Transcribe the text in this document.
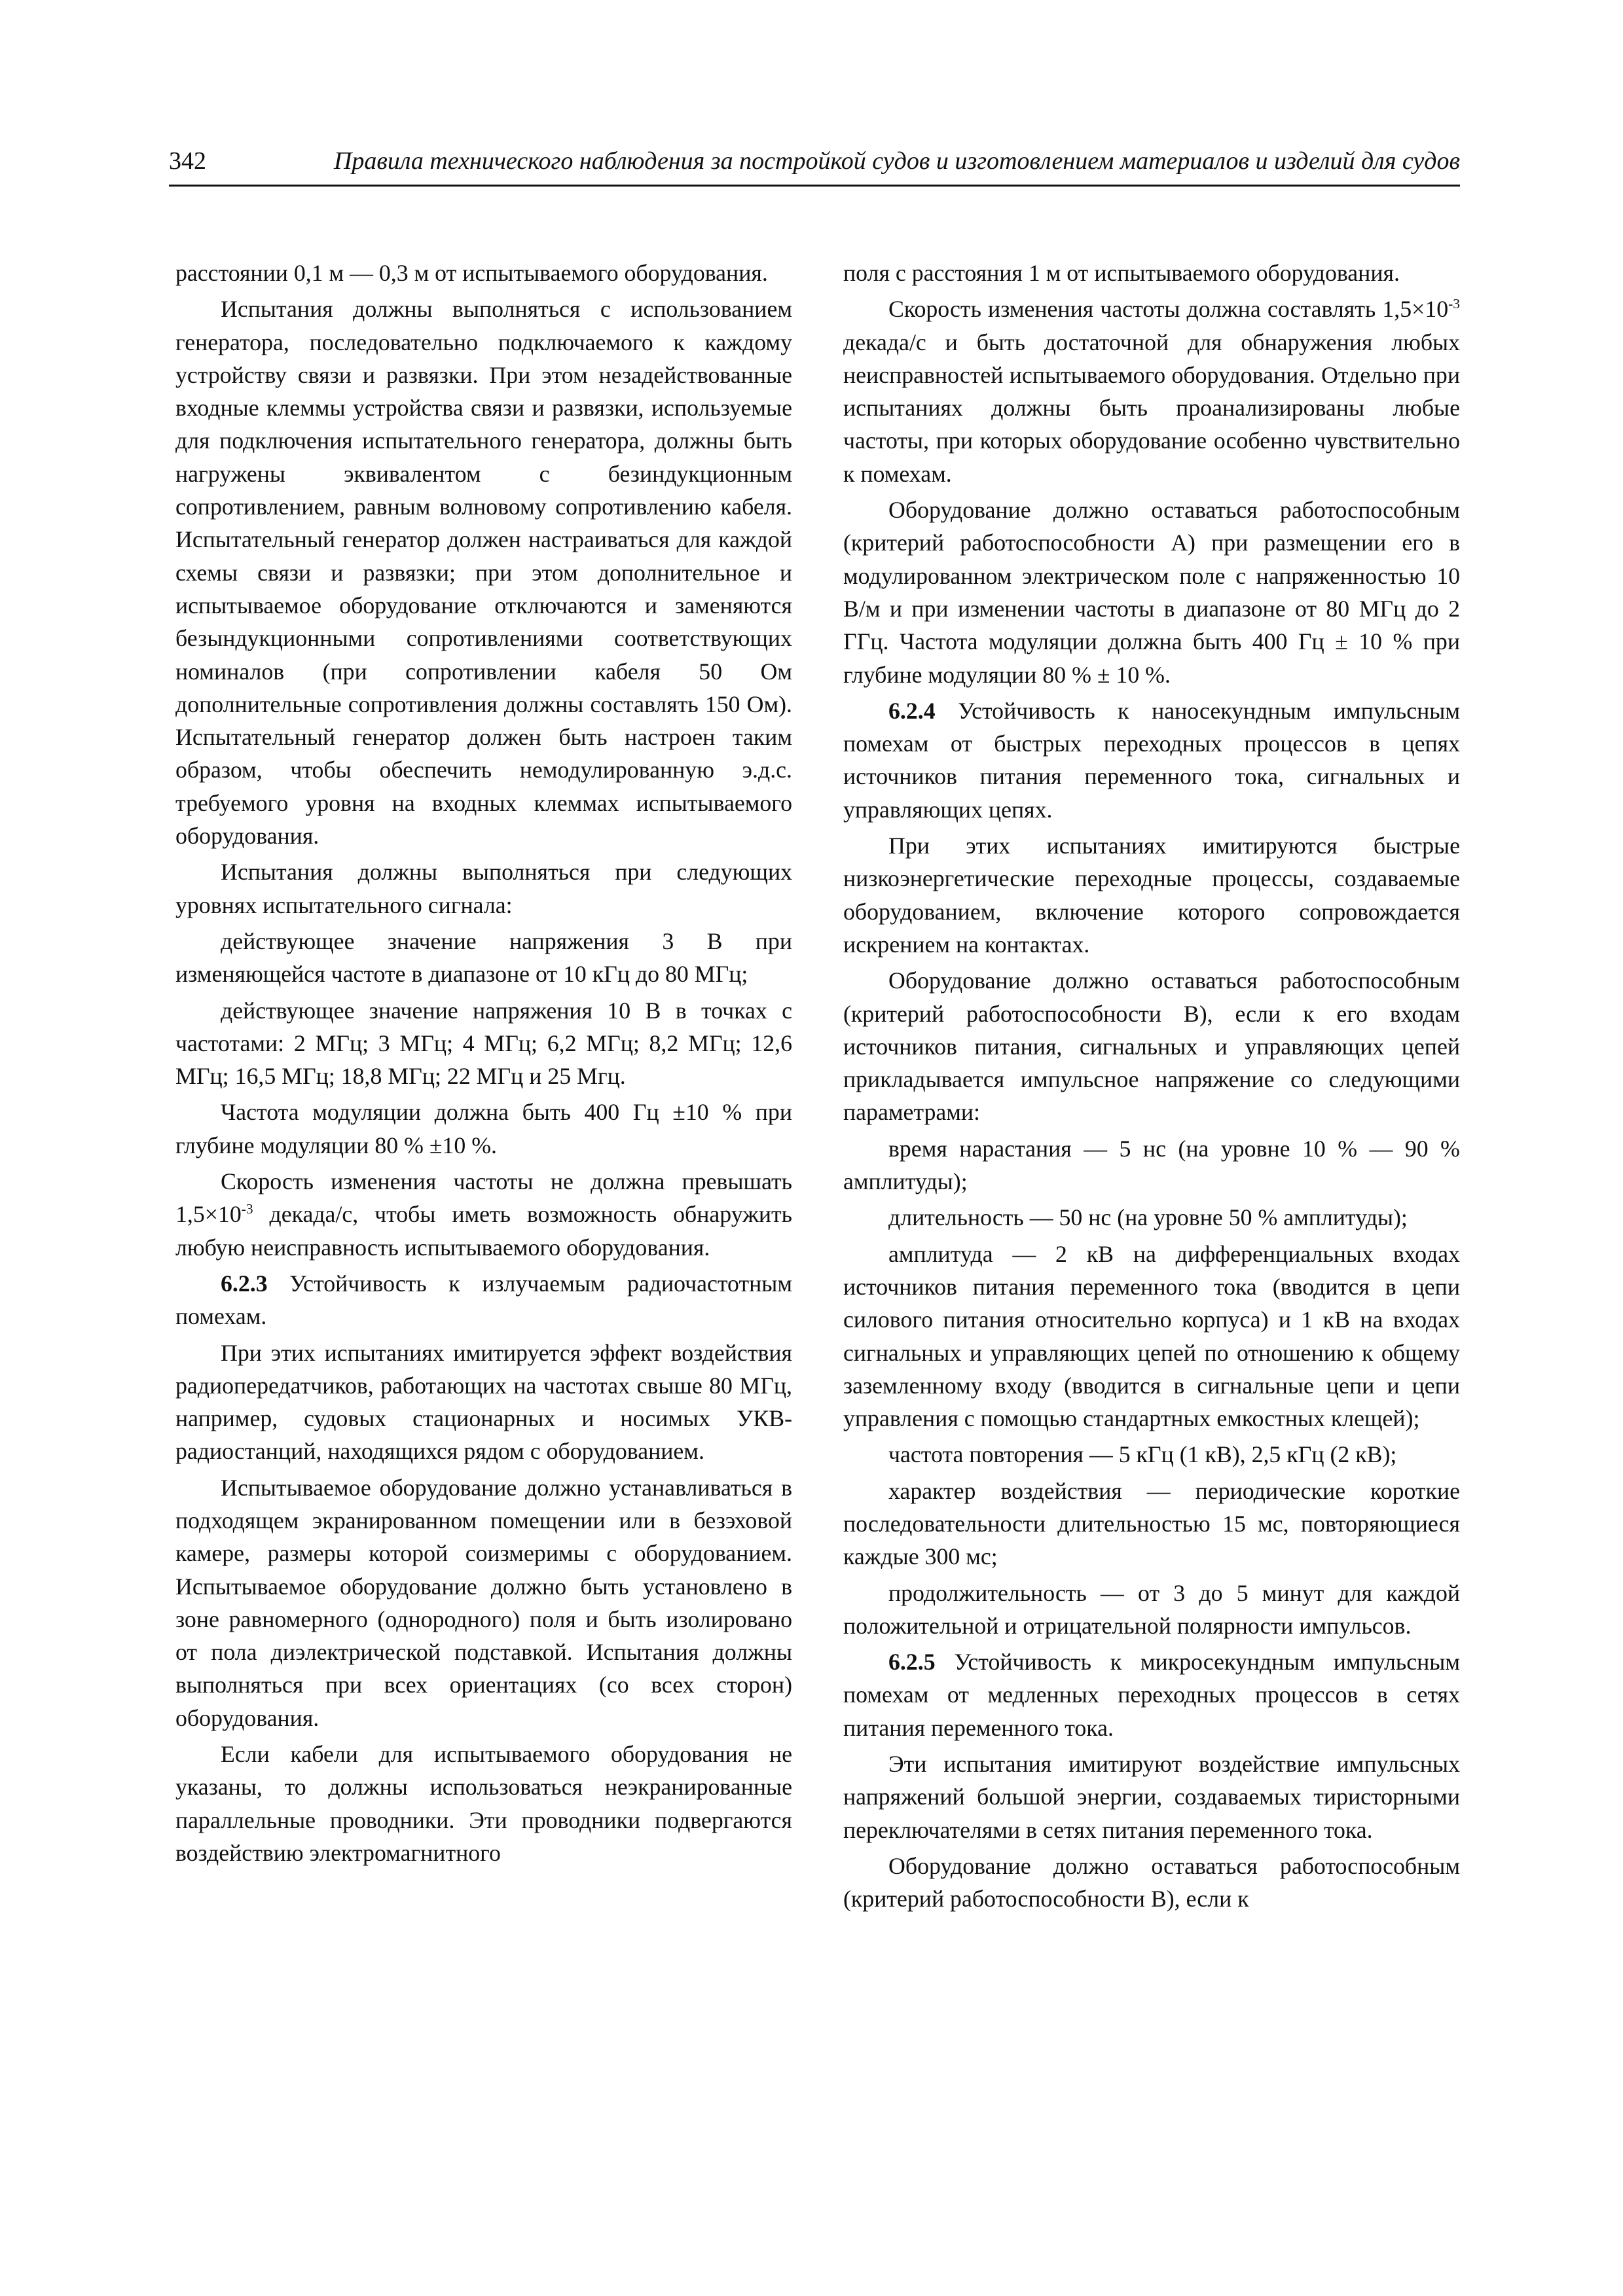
342	Правила технического наблюдения за постройкой судов и изготовлением материалов и изделий для судов

расстоянии 0,1 м — 0,3 м от испытываемого оборудования.

Испытания должны выполняться с использованием генератора, последовательно подключаемого к каждому устройству связи и развязки. При этом незадействованные входные клеммы устройства связи и развязки, используемые для подключения испытательного генератора, должны быть нагружены эквивалентом с безиндукционным сопротивлением, равным волновому сопротивлению кабеля. Испытательный генератор должен настраиваться для каждой схемы связи и развязки; при этом дополнительное и испытываемое оборудование отключаются и заменяются безындукционными сопротивлениями соответствующих номиналов (при сопротивлении кабеля 50 Ом дополнительные сопротивления должны составлять 150 Ом). Испытательный генератор должен быть настроен таким образом, чтобы обеспечить немодулированную э.д.с. требуемого уровня на входных клеммах испытываемого оборудования.

Испытания должны выполняться при следующих уровнях испытательного сигнала:

действующее значение напряжения 3 В при изменяющейся частоте в диапазоне от 10 кГц до 80 МГц;

действующее значение напряжения 10 В в точках с частотами: 2 МГц; 3 МГц; 4 МГц; 6,2 МГц; 8,2 МГц; 12,6 МГц; 16,5 МГц; 18,8 МГц; 22 МГц и 25 Мгц.

Частота модуляции должна быть 400 Гц ±10 % при глубине модуляции 80 % ±10 %.

Скорость изменения частоты не должна превышать $1,5\times 10^{-3}$ декада/с, чтобы иметь возможность обнаружить любую неисправность испытываемого оборудования.

6.2.3 Устойчивость к излучаемым радиочастотным помехам.

При этих испытаниях имитируется эффект воздействия радиопередатчиков, работающих на частотах свыше 80 МГц, например, судовых стационарных и носимых УКВ-радиостанций, находящихся рядом с оборудованием.

Испытываемое оборудование должно устанавливаться в подходящем экранированном помещении или в безэховой камере, размеры которой соизмеримы с оборудованием. Испытываемое оборудование должно быть установлено в зоне равномерного (однородного) поля и быть изолировано от пола диэлектрической подставкой. Испытания должны выполняться при всех ориентациях (со всех сторон) оборудования.

Если кабели для испытываемого оборудования не указаны, то должны использоваться неэкранированные параллельные проводники. Эти проводники подвергаются воздействию электромагнитного

поля с расстояния 1 м от испытываемого оборудования.

Скорость изменения частоты должна составлять $1,5\times 10^{-3}$ декада/с и быть достаточной для обнаружения любых неисправностей испытываемого оборудования. Отдельно при испытаниях должны быть проанализированы любые частоты, при которых оборудование особенно чувствительно к помехам.

Оборудование должно оставаться работоспособным (критерий работоспособности А) при размещении его в модулированном электрическом поле с напряженностью 10 В/м и при изменении частоты в диапазоне от 80 МГц до 2 ГГц. Частота модуляции должна быть 400 Гц ± 10 % при глубине модуляции 80 % ± 10 %.

6.2.4 Устойчивость к наносекундным импульсным помехам от быстрых переходных процессов в цепях источников питания переменного тока, сигнальных и управляющих цепях.

При этих испытаниях имитируются быстрые низкоэнергетические переходные процессы, создаваемые оборудованием, включение которого сопровождается искрением на контактах.

Оборудование должно оставаться работоспособным (критерий работоспособности В), если к его входам источников питания, сигнальных и управляющих цепей прикладывается импульсное напряжение со следующими параметрами:

время нарастания — 5 нс (на уровне 10 % — 90 % амплитуды);

длительность — 50 нс (на уровне 50 % амплитуды);

амплитуда — 2 кВ на дифференциальных входах источников питания переменного тока (вводится в цепи силового питания относительно корпуса) и 1 кВ на входах сигнальных и управляющих цепей по отношению к общему заземленному входу (вводится в сигнальные цепи и цепи управления с помощью стандартных емкостных клещей);

частота повторения — 5 кГц (1 кВ), 2,5 кГц (2 кВ);

характер воздействия — периодические короткие последовательности длительностью 15 мс, повторяющиеся каждые 300 мс;

продолжительность — от 3 до 5 минут для каждой положительной и отрицательной полярности импульсов.

6.2.5 Устойчивость к микросекундным импульсным помехам от медленных переходных процессов в сетях питания переменного тока.

Эти испытания имитируют воздействие импульсных напряжений большой энергии, создаваемых тиристорными переключателями в сетях питания переменного тока.

Оборудование должно оставаться работоспособным (критерий работоспособности В), если к
